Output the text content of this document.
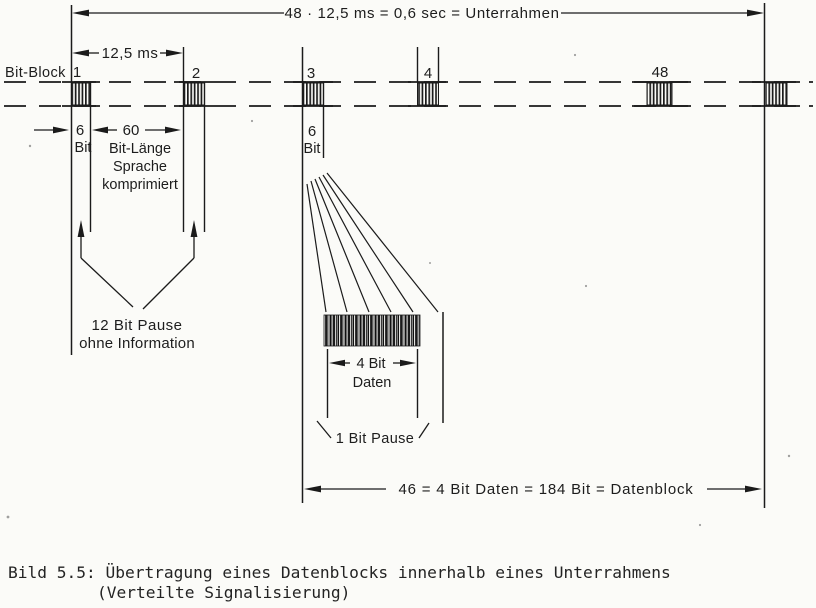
48 · 12,5 ms = 0,6 sec = Unterrahmen
12,5 ms
Bit-Block 1	2	3	4	48
6	60
Bit Bit-Länge
Sprache
komprimiert
6
Bit
12 Bit Pause
ohne Information
4 Bit
Daten
1 Bit Pause
46 = 4 Bit Daten = 184 Bit = Datenblock
Bild 5.5: Übertragung eines Datenblocks innerhalb eines Unterrahmens
(Verteilte Signalisierung)
